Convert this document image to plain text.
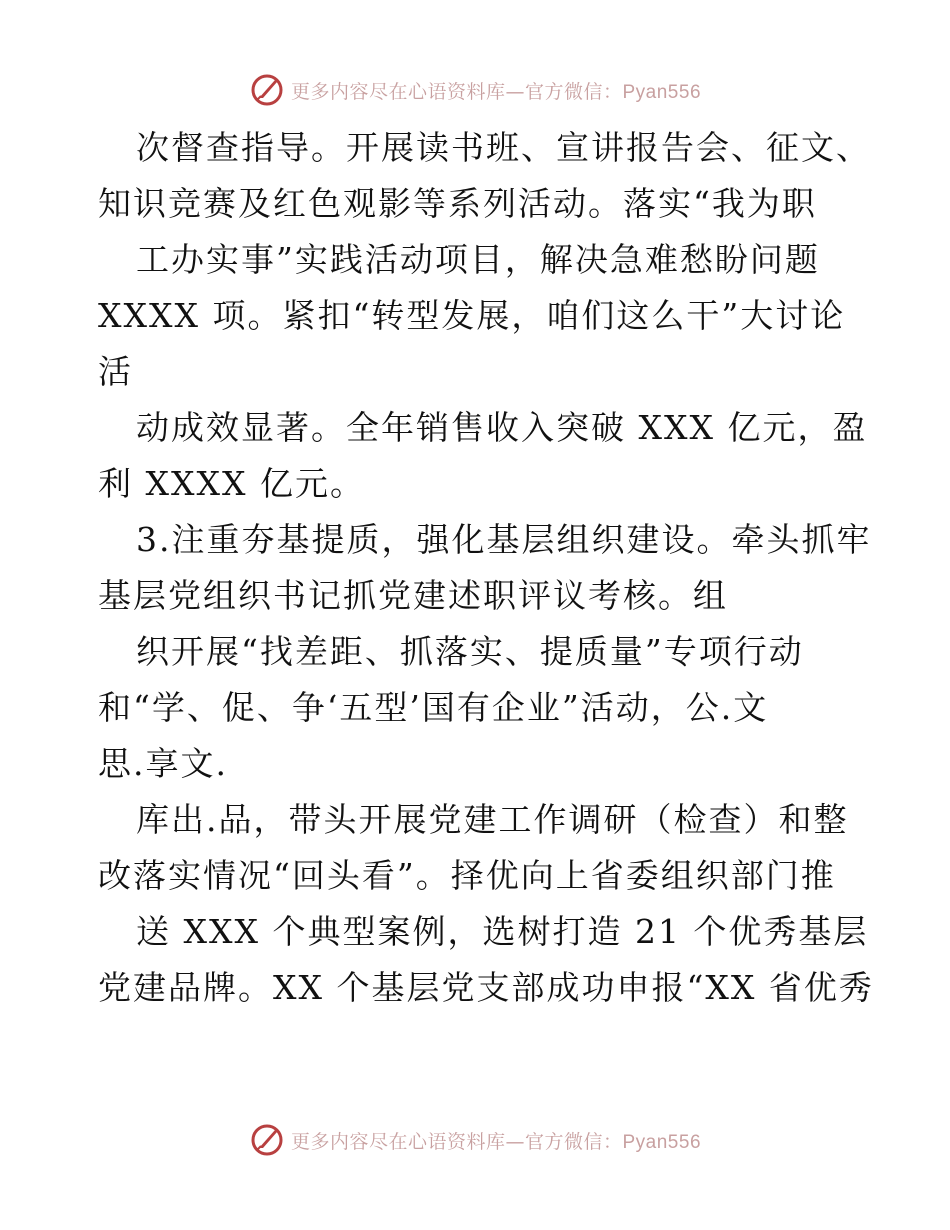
更多内容尽在心语资料库—官方微信：Pyan556
次督查指导。开展读书班、宣讲报告会、征文、
知识竞赛及红色观影等系列活动。落实“我为职
工办实事”实践活动项目，解决急难愁盼问题
XXXX 项。紧扣“转型发展，咱们这么干”大讨论
活
动成效显著。全年销售收入突破 XXX 亿元，盈
利 XXXX 亿元。
3.注重夯基提质，强化基层组织建设。牵头抓牢
基层党组织书记抓党建述职评议考核。组
织开展“找差距、抓落实、提质量”专项行动
和“学、促、争‘五型’国有企业”活动，公.文
思.享文.
库出.品，带头开展党建工作调研（检查）和整
改落实情况“回头看”。择优向上省委组织部门推
送 XXX 个典型案例，选树打造 21 个优秀基层
党建品牌。XX 个基层党支部成功申报“XX 省优秀
更多内容尽在心语资料库—官方微信：Pyan556
